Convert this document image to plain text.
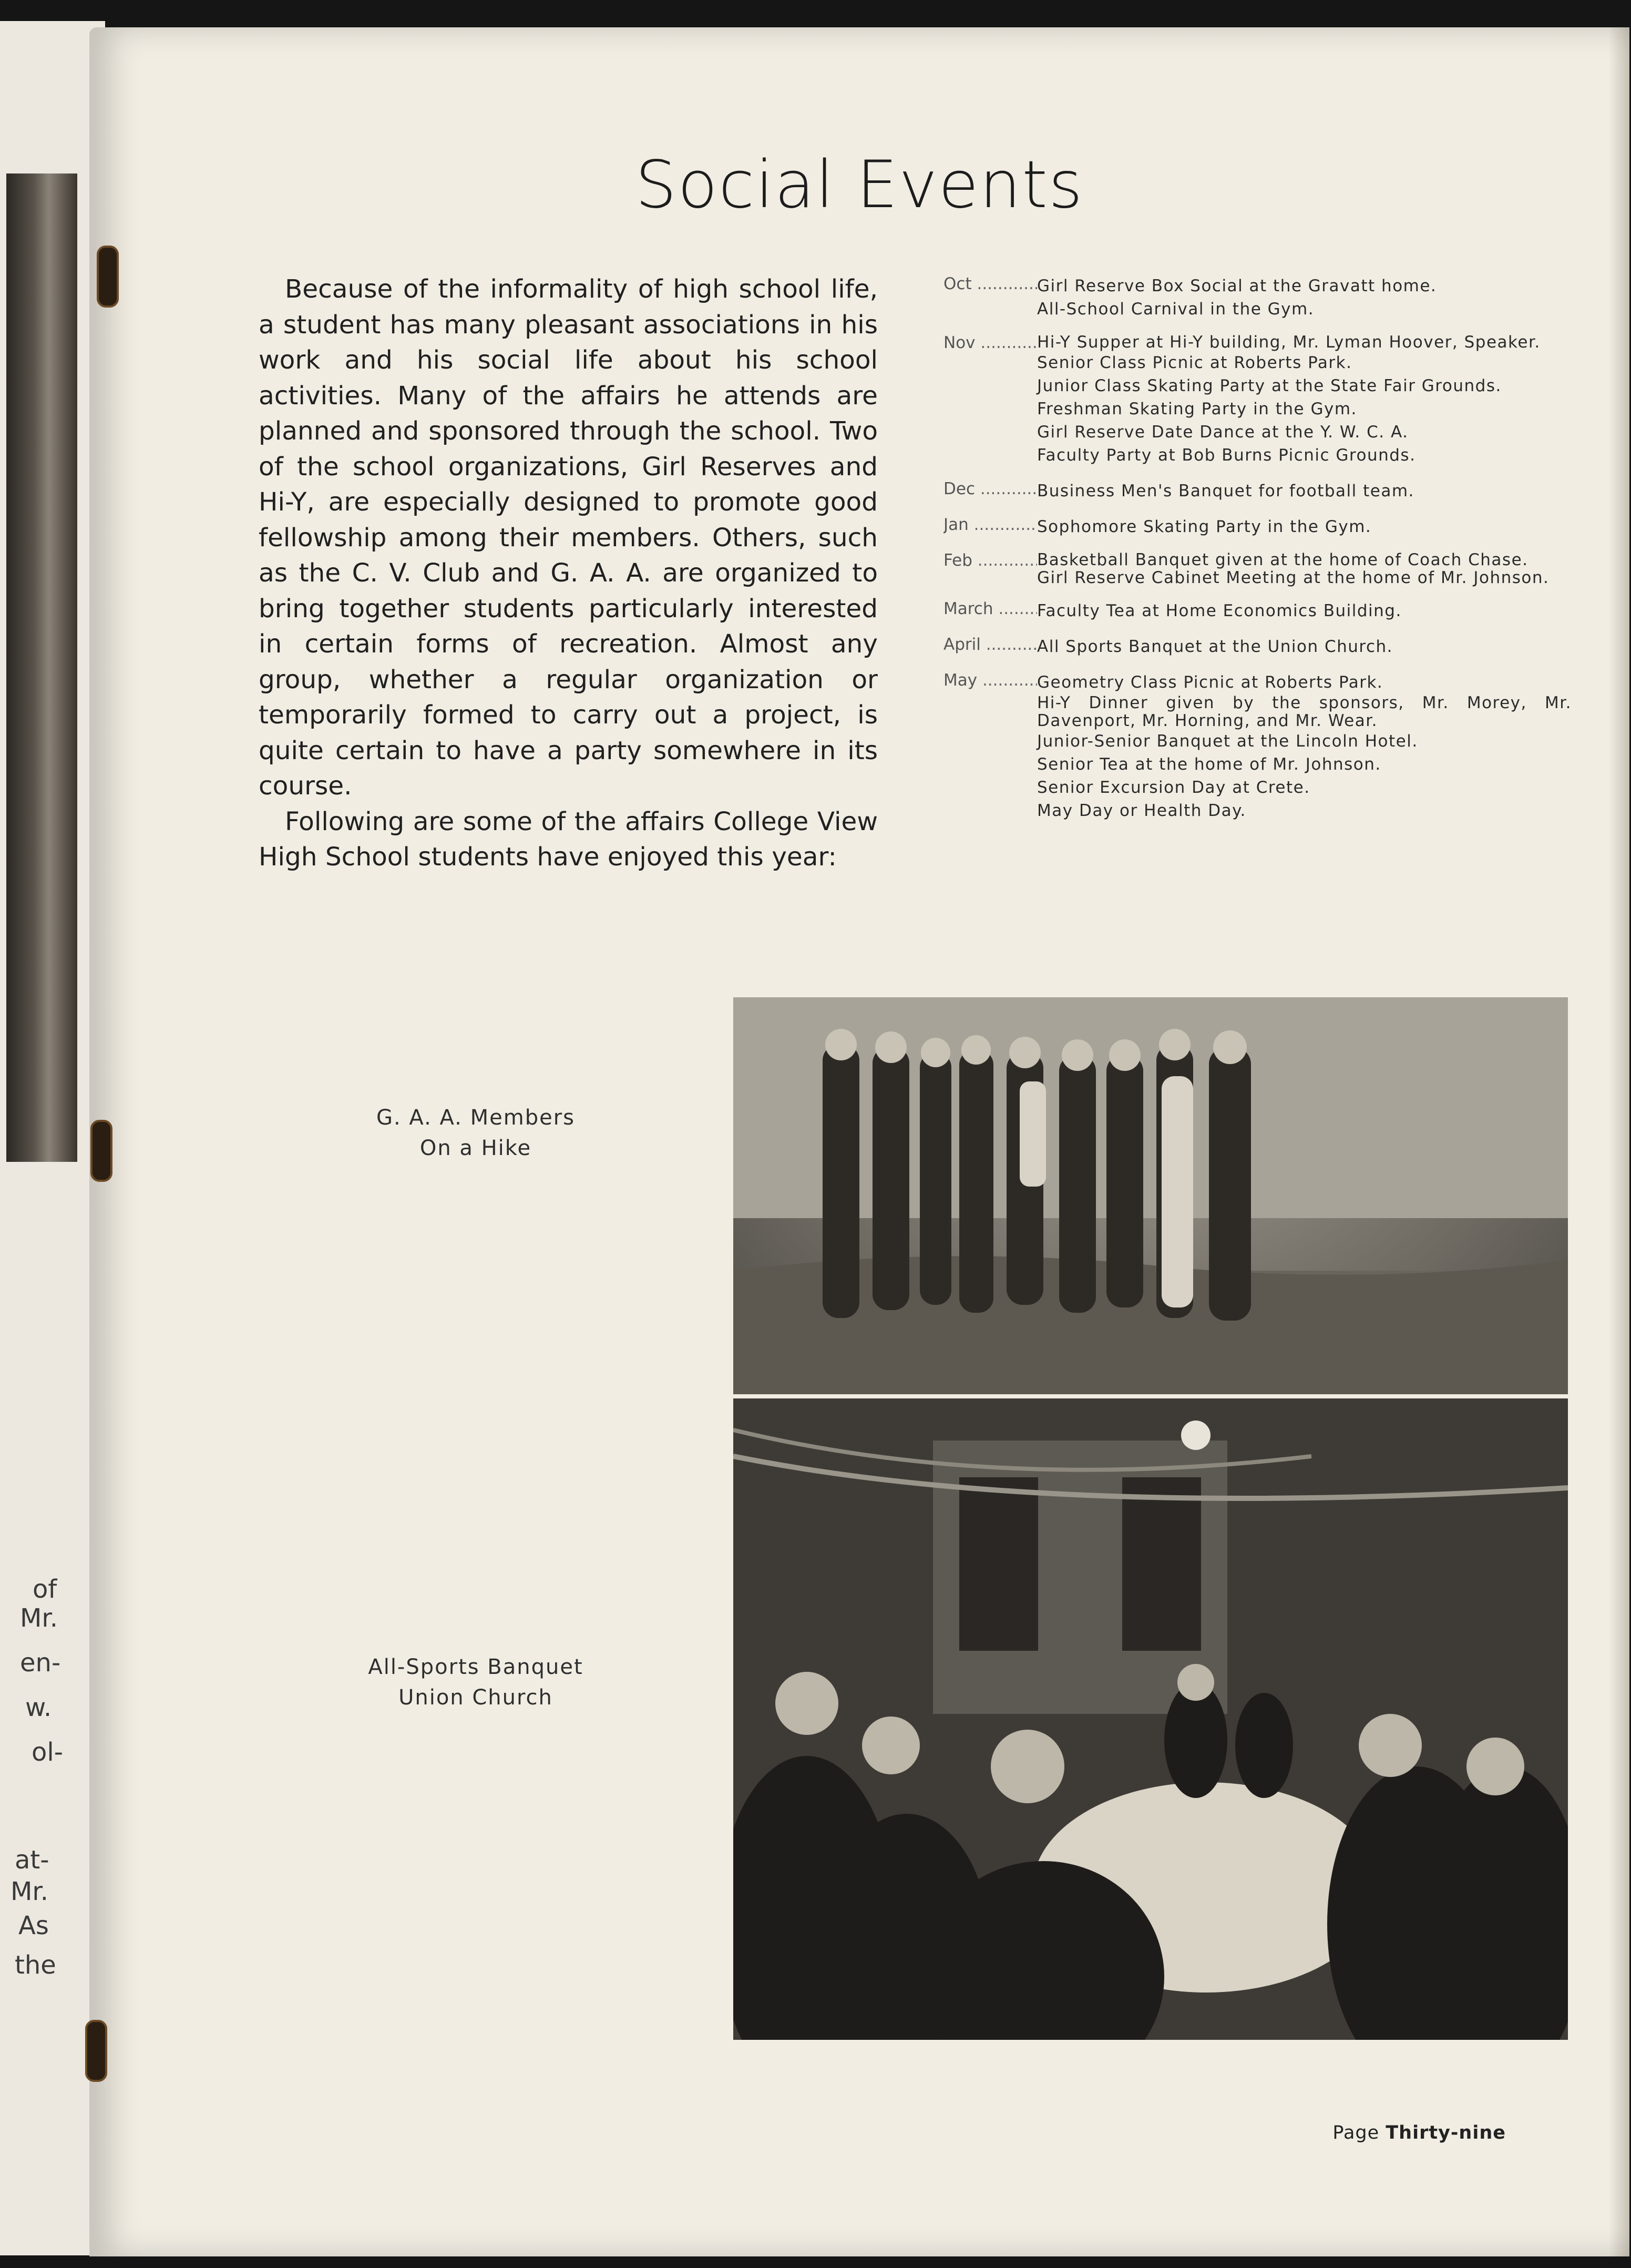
of
Mr.
en-
w.
ol-
at-
Mr.
As
the
Social Events

Because of the informality of high school life, a student has many pleasant associations in his work and his social life about his school activities. Many of the affairs he attends are planned and sponsored through the school. Two of the school organizations, Girl Reserves and Hi-Y, are especially designed to promote good fellowship among their members. Others, such as the C. V. Club and G. A. A. are organized to bring together students particularly interested in certain forms of recreation. Almost any group, whether a regular organization or temporarily formed to carry out a project, is quite certain to have a party somewhere in its course.

Following are some of the affairs College View High School students have enjoyed this year:

Oct .....	Girl Reserve Box Social at the Gravatt home.
All-School Carnival in the Gym.
Nov .....	Hi-Y Supper at Hi-Y building, Mr. Lyman Hoover, Speaker.
Senior Class Picnic at Roberts Park.
Junior Class Skating Party at the State Fair Grounds.
Freshman Skating Party in the Gym.
Girl Reserve Date Dance at the Y. W. C. A.
Faculty Party at Bob Burns Picnic Grounds.
Dec .....	Business Men's Banquet for football team.
Jan .....	Sophomore Skating Party in the Gym.
Feb .....	Basketball Banquet given at the home of Coach Chase.
Girl Reserve Cabinet Meeting at the home of Mr. Johnson.
March .....	Faculty Tea at Home Economics Building.
April .....	All Sports Banquet at the Union Church.
May .....	Geometry Class Picnic at Roberts Park.
Hi-Y Dinner given by the sponsors, Mr. Morey, Mr. Davenport, Mr. Horning, and Mr. Wear.
Junior-Senior Banquet at the Lincoln Hotel.
Senior Tea at the home of Mr. Johnson.
Senior Excursion Day at Crete.
May Day or Health Day.
G. A. A. Members
On a Hike
All-Sports Banquet
Union Church
Page Thirty-nine
